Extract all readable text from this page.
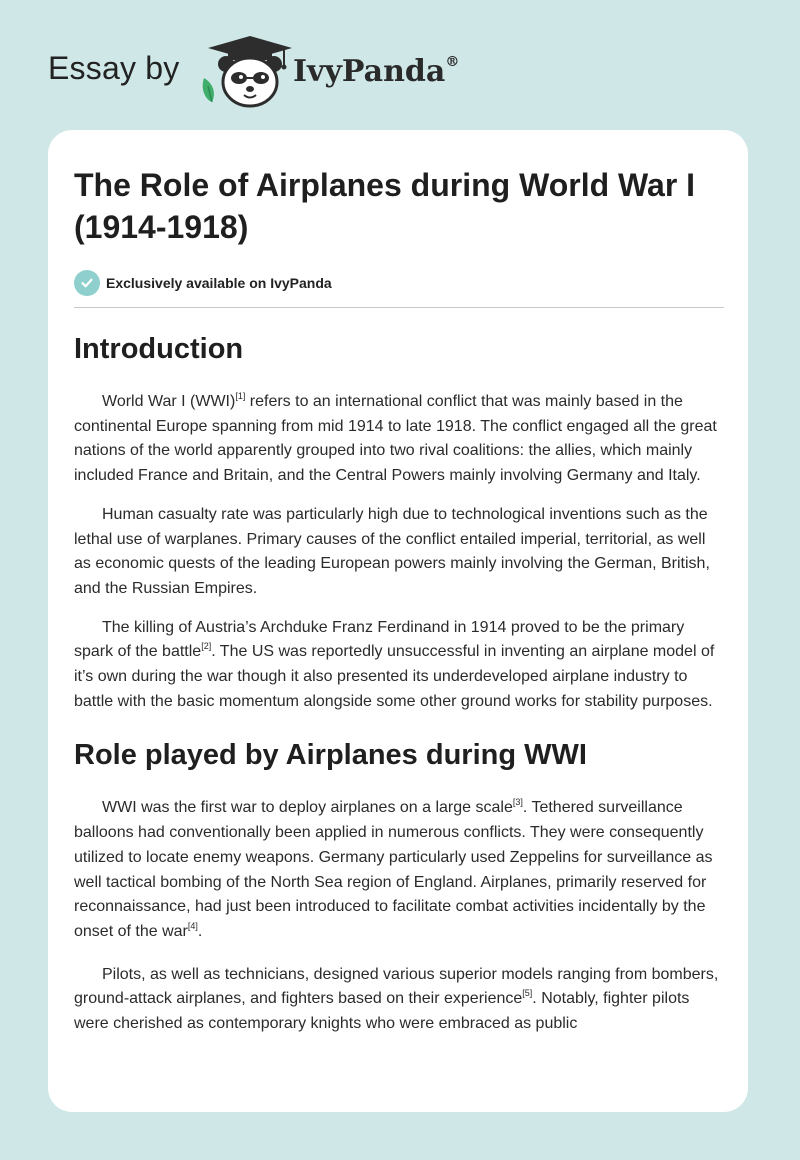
Essay by	IvyPanda®
The Role of Airplanes during World War I (1914-1918)
Exclusively available on IvyPanda
Introduction

World War I (WWI)[1] refers to an international conflict that was mainly based in the continental Europe spanning from mid 1914 to late 1918. The conflict engaged all the great nations of the world apparently grouped into two rival coalitions: the allies, which mainly included France and Britain, and the Central Powers mainly involving Germany and Italy.

Human casualty rate was particularly high due to technological inventions such as the lethal use of warplanes. Primary causes of the conflict entailed imperial, territorial, as well as economic quests of the leading European powers mainly involving the German, British, and the Russian Empires.

The killing of Austria’s Archduke Franz Ferdinand in 1914 proved to be the primary spark of the battle[2]. The US was reportedly unsuccessful in inventing an airplane model of it’s own during the war though it also presented its underdeveloped airplane industry to battle with the basic momentum alongside some other ground works for stability purposes.

Role played by Airplanes during WWI

WWI was the first war to deploy airplanes on a large scale[3]. Tethered surveillance balloons had conventionally been applied in numerous conflicts. They were consequently utilized to locate enemy weapons. Germany particularly used Zeppelins for surveillance as well tactical bombing of the North Sea region of England. Airplanes, primarily reserved for reconnaissance, had just been introduced to facilitate combat activities incidentally by the onset of the war[4].

Pilots, as well as technicians, designed various superior models ranging from bombers, ground-attack airplanes, and fighters based on their experience[5]. Notably, fighter pilots were cherished as contemporary knights who were embraced as public
